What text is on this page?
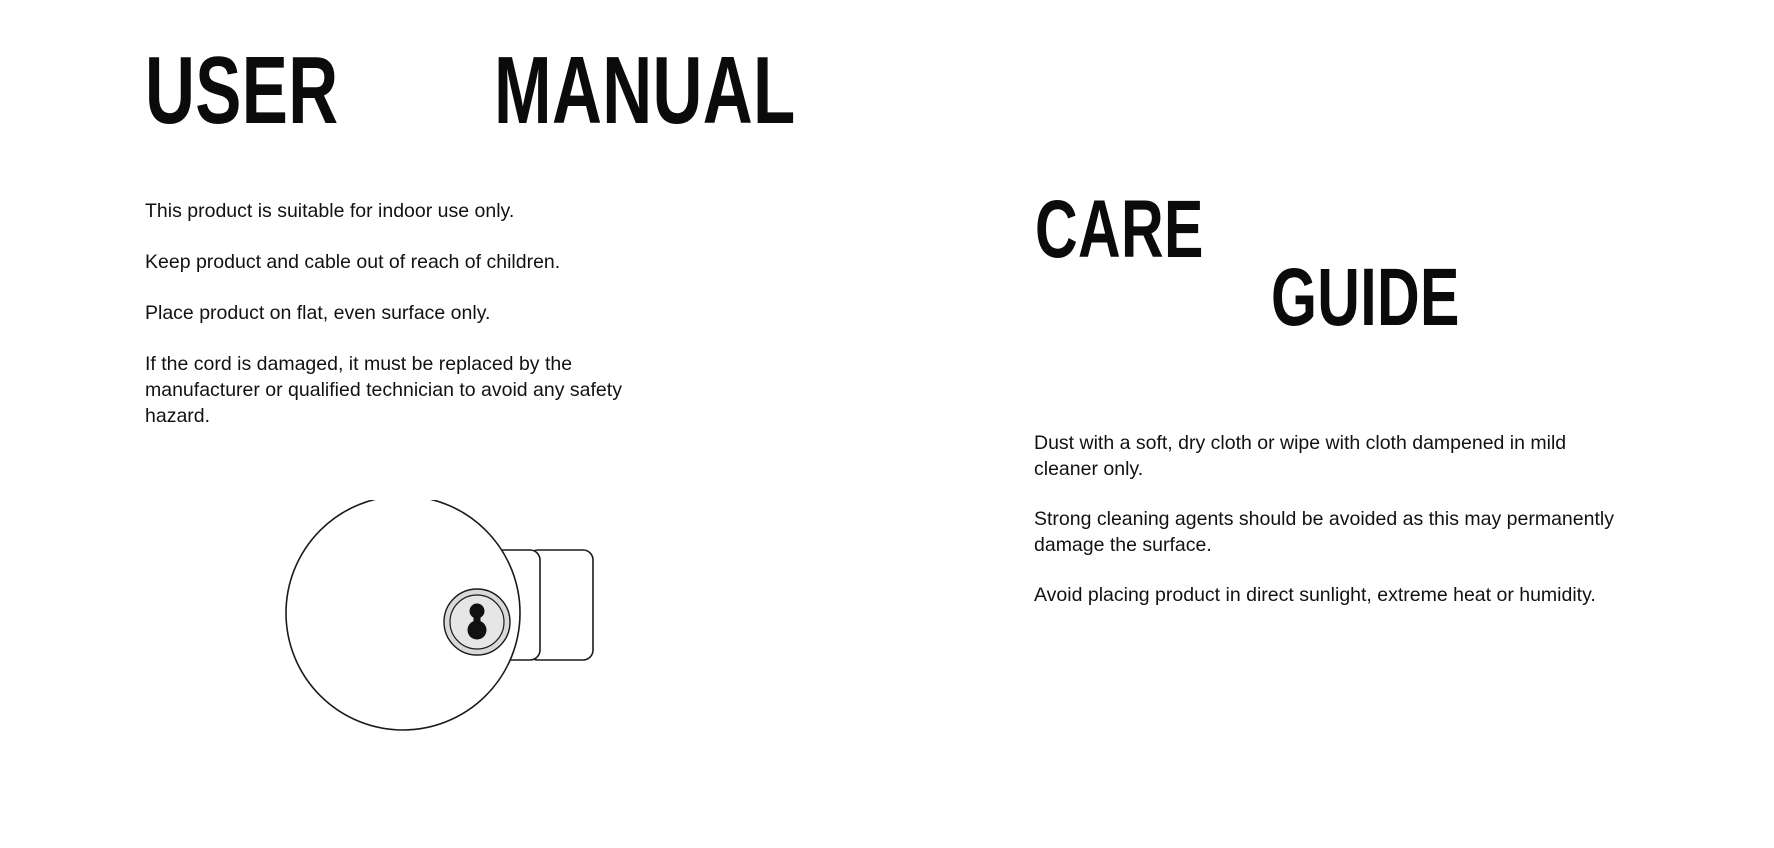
USER MANUAL

This product is suitable for indoor use only.

Keep product and cable out of reach of children.

Place product on flat, even surface only.

If the cord is damaged, it must be replaced by the manufacturer or qualified technician to avoid any safety hazard.

CARE
GUIDE

Dust with a soft, dry cloth or wipe with cloth dampened in mild cleaner only.

Strong cleaning agents should be avoided as this may permanently damage the surface.

Avoid placing product in direct sunlight, extreme heat or humidity.
